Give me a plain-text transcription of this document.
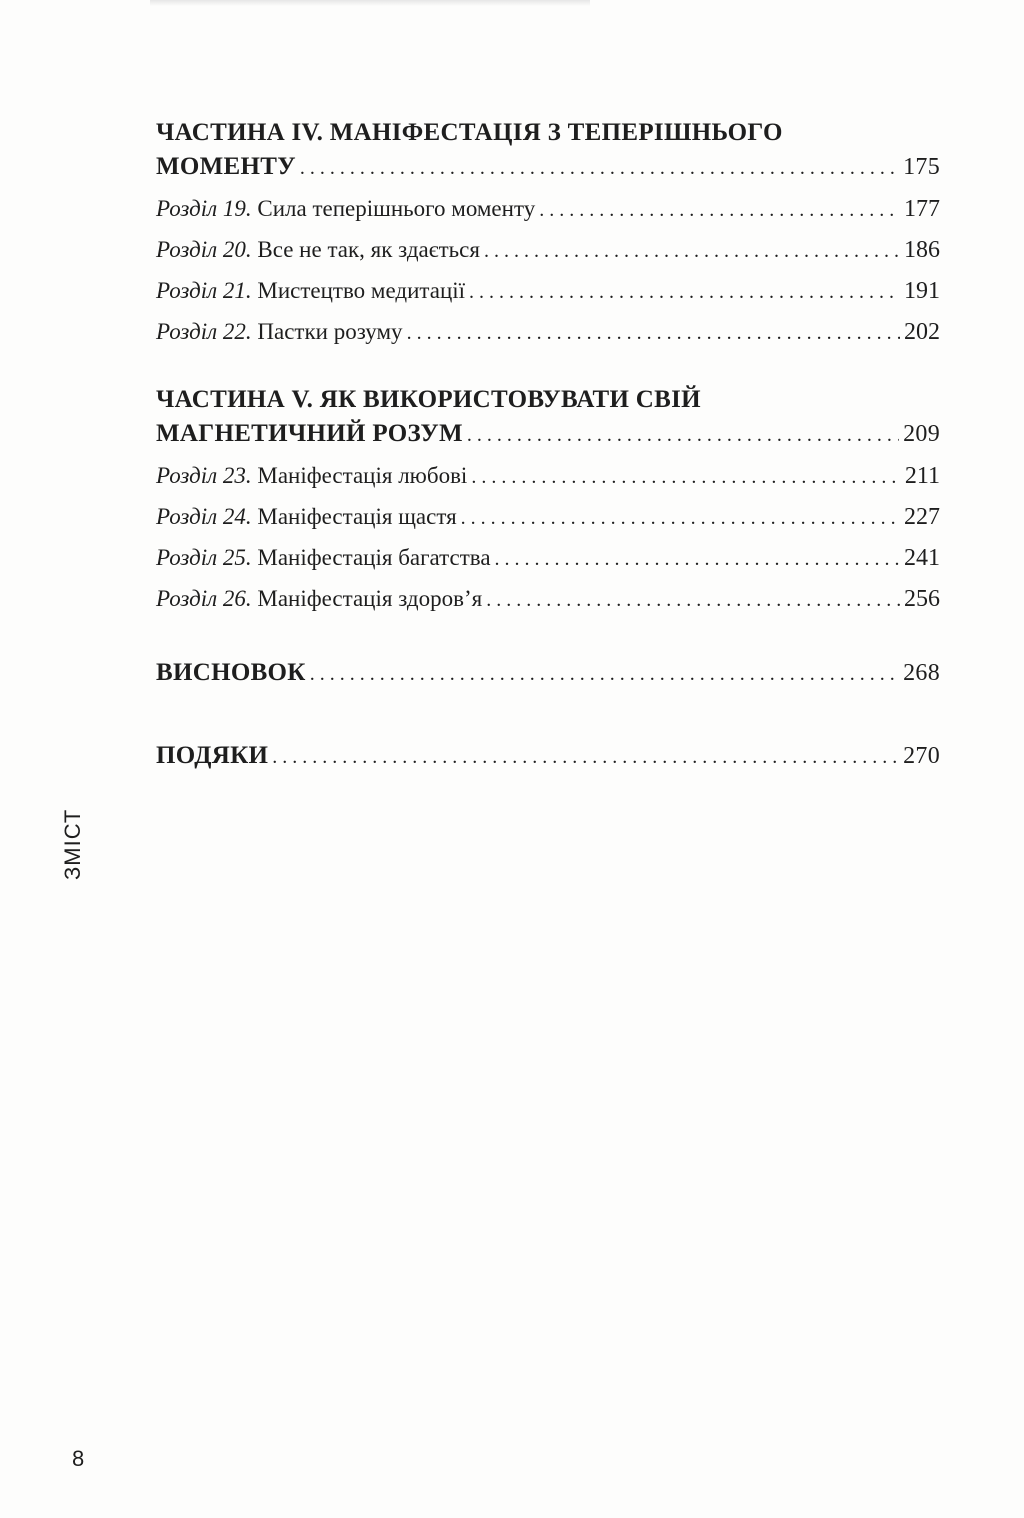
ЧАСТИНА IV. МАНІФЕСТАЦІЯ З ТЕПЕРІШНЬОГО
МОМЕНТУ . . .	175
Розділ 19. Сила теперішнього моменту . . .	177
Розділ 20. Все не так, як здається . . .	186
Розділ 21. Мистецтво медитації . . .	191
Розділ 22. Пастки розуму . . .	202
ЧАСТИНА V. ЯК ВИКОРИСТОВУВАТИ СВІЙ
МАГНЕТИЧНИЙ РОЗУМ . . .	209
Розділ 23. Маніфестація любові . . .	211
Розділ 24. Маніфестація щастя . . .	227
Розділ 25. Маніфестація багатства . . .	241
Розділ 26. Маніфестація здоров’я . . .	256
ВИСНОВОК . . .	268
ПОДЯКИ . . .	270
ЗМІСТ
8
